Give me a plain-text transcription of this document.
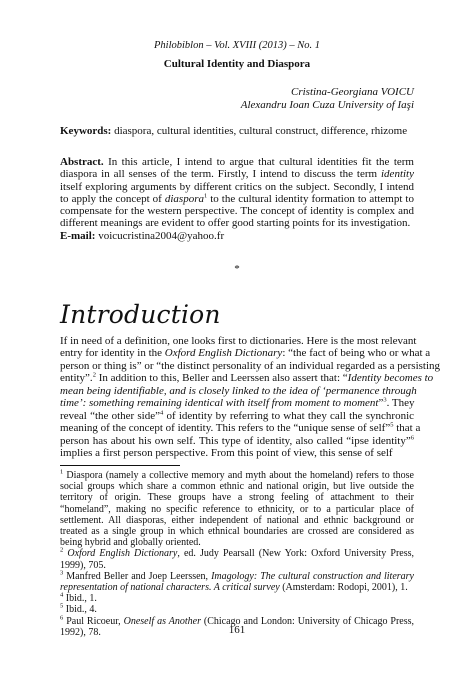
Philobiblon – Vol. XVIII (2013) – No. 1
Cultural Identity and Diaspora
Cristina-Georgiana VOICU
Alexandru Ioan Cuza University of Iaşi
Keywords: diaspora, cultural identities, cultural construct, difference, rhizome
Abstract. In this article, I intend to argue that cultural identities fit the term diaspora in all senses of the term. Firstly, I intend to discuss the term identity itself exploring arguments by different critics on the subject. Secondly, I intend to apply the concept of diaspora$^1$ to the cultural identity formation to attempt to compensate for the western perspective. The concept of identity is complex and different meanings are evident to offer good starting points for its investigation.
E-mail: voicucristina2004@yahoo.fr
*
Introduction
If in need of a definition, one looks first to dictionaries. Here is the most relevant
entry for identity in the Oxford English Dictionary: “the fact of being who or what a
person or thing is” or “the distinct personality of an individual regarded as a persisting
entity”.$^2$ In addition to this, Beller and Leerssen also assert that: “Identity becomes to
mean being identifiable, and is closely linked to the idea of ‘permanence through
time’: something remaining identical with itself from moment to moment”$^3$. They
reveal “the other side”$^4$ of identity by referring to what they call the synchronic
meaning of the concept of identity. This refers to the “unique sense of self”$^5$ that a
person has about his own self. This type of identity, also called “ipse identity”$^6$
implies a first person perspective. From this point of view, this sense of self

$^1$ Diaspora (namely a collective memory and myth about the homeland) refers to those social groups which share a common ethnic and national origin, but live outside the territory of origin. These groups have a strong feeling of attachment to their “homeland”, making no specific reference to ethnicity, or to a particular place of settlement. All diasporas, either independent of national and ethnic background or treated as a single group in which ethnical boundaries are crossed are considered as being hybrid and globally oriented.

$^2$ Oxford English Dictionary, ed. Judy Pearsall (New York: Oxford University Press, 1999), 705.

$^3$ Manfred Beller and Joep Leerssen, Imagology: The cultural construction and literary representation of national characters. A critical survey (Amsterdam: Rodopi, 2001), 1.

$^4$ Ibid., 1.

$^5$ Ibid., 4.

$^6$ Paul Ricoeur, Oneself as Another (Chicago and London: University of Chicago Press, 1992), 78.	161
